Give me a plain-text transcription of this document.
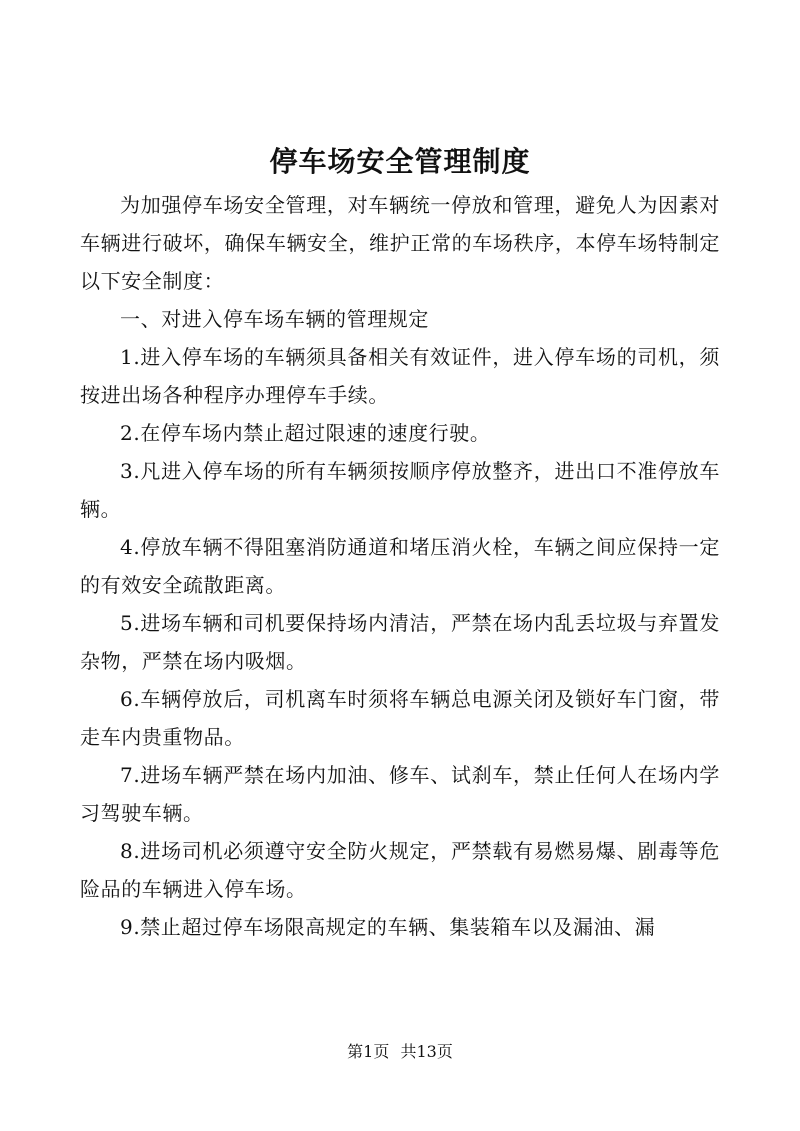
停车场安全管理制度

为加强停车场安全管理，对车辆统一停放和管理，避免人为因素对车辆进行破坏，确保车辆安全，维护正常的车场秩序，本停车场特制定以下安全制度：

一、对进入停车场车辆的管理规定

1.进入停车场的车辆须具备相关有效证件，进入停车场的司机，须按进出场各种程序办理停车手续。

2.在停车场内禁止超过限速的速度行驶。

3.凡进入停车场的所有车辆须按顺序停放整齐，进出口不准停放车辆。

4.停放车辆不得阻塞消防通道和堵压消火栓，车辆之间应保持一定的有效安全疏散距离。

5.进场车辆和司机要保持场内清洁，严禁在场内乱丢垃圾与弃置发杂物，严禁在场内吸烟。

6.车辆停放后，司机离车时须将车辆总电源关闭及锁好车门窗，带走车内贵重物品。

7.进场车辆严禁在场内加油、修车、试刹车，禁止任何人在场内学习驾驶车辆。

8.进场司机必须遵守安全防火规定，严禁载有易燃易爆、剧毒等危险品的车辆进入停车场。

9.禁止超过停车场限高规定的车辆、集装箱车以及漏油、漏

第1页 共13页
